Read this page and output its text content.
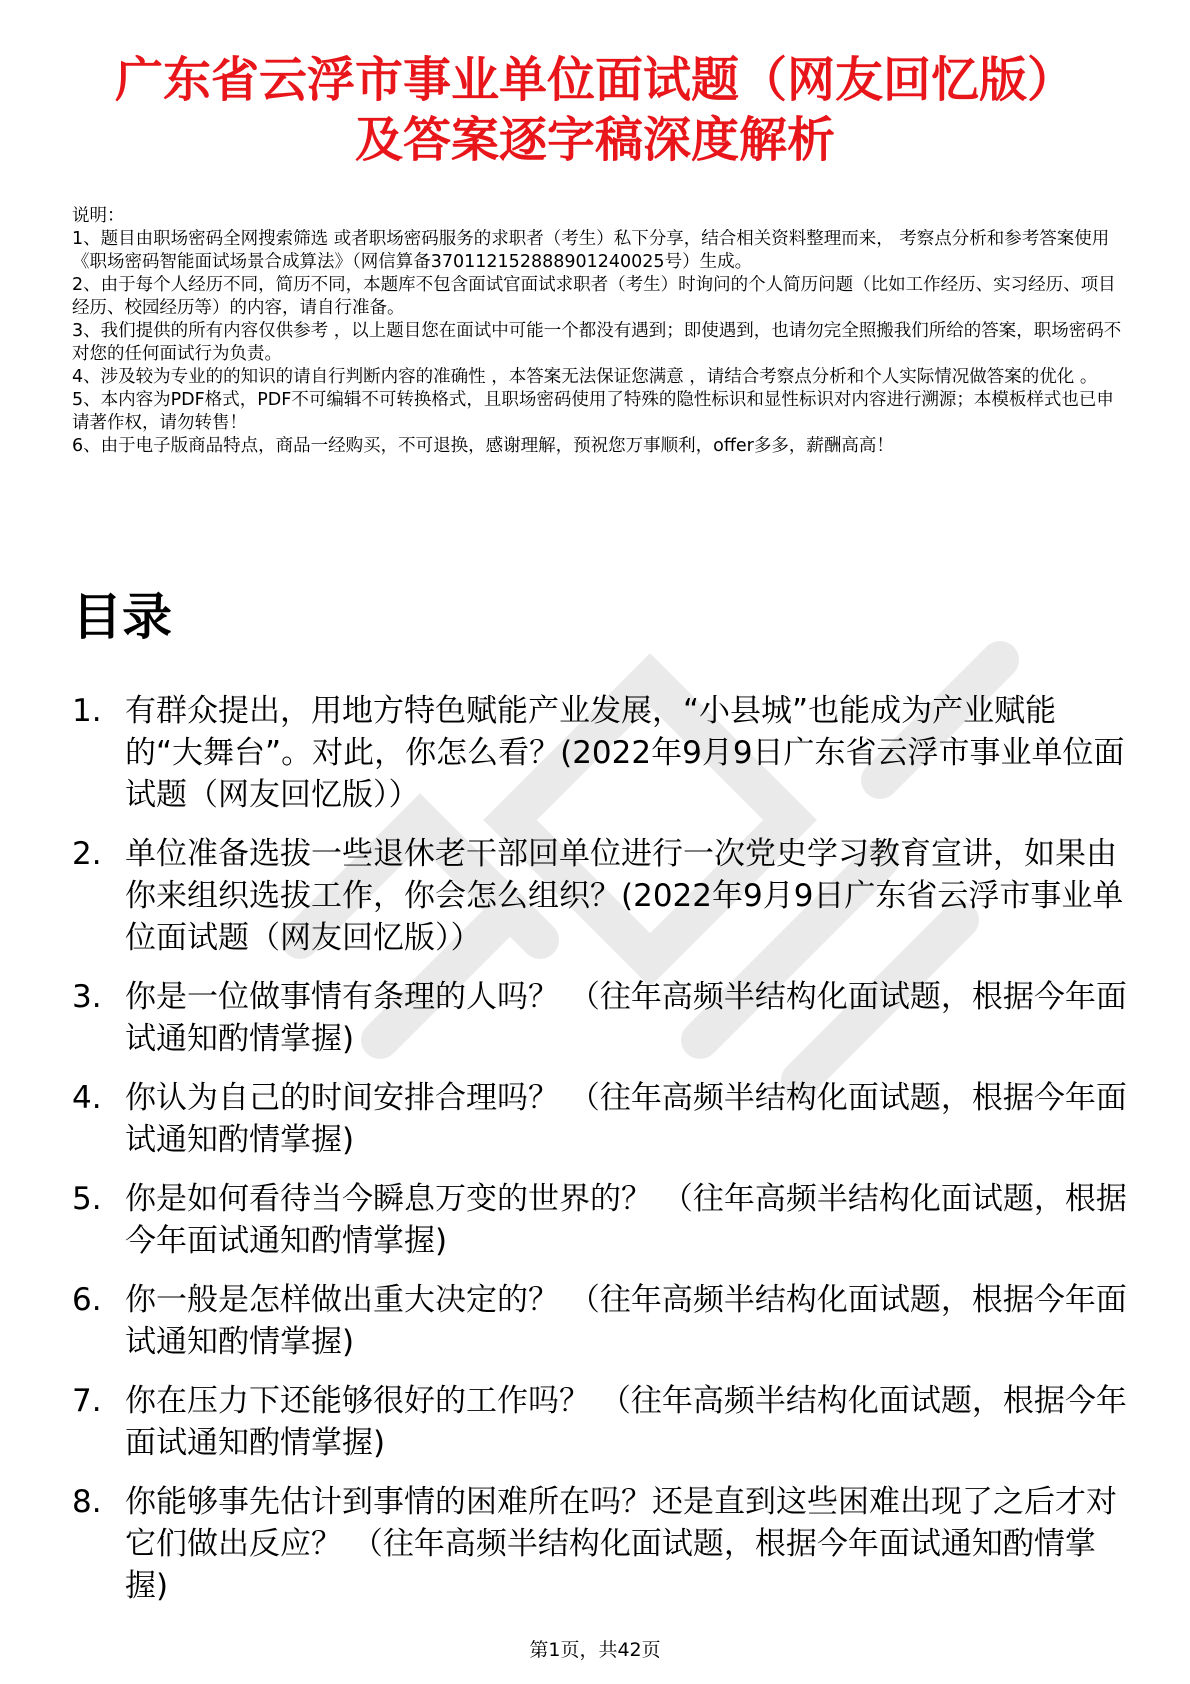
广东省云浮市事业单位面试题（网友回忆版）
及答案逐字稿深度解析

说明：

1、题目由职场密码全网搜索筛选 或者职场密码服务的求职者（考生）私下分享，结合相关资料整理而来， 考察点分析和参考答案使用《职场密码智能面试场景合成算法》（网信算备370112152888901240025号）生成。

2、由于每个人经历不同，简历不同，本题库不包含面试官面试求职者（考生）时询问的个人简历问题（比如工作经历、实习经历、项目经历、校园经历等）的内容，请自行准备。

3、我们提供的所有内容仅供参考 ，以上题目您在面试中可能一个都没有遇到；即使遇到，也请勿完全照搬我们所给的答案，职场密码不对您的任何面试行为负责。

4、涉及较为专业的的知识的请自行判断内容的准确性 ，本答案无法保证您满意 ，请结合考察点分析和个人实际情况做答案的优化 。

5、本内容为PDF格式，PDF不可编辑不可转换格式，且职场密码使用了特殊的隐性标识和显性标识对内容进行溯源；本模板样式也已申请著作权，请勿转售！

6、由于电子版商品特点，商品一经购买，不可退换，感谢理解，预祝您万事顺利，offer多多，薪酬高高！

目录
1. 有群众提出，用地方特色赋能产业发展，“小县城”也能成为产业赋能的“大舞台”。对此，你怎么看？(2022年9月9日广东省云浮市事业单位面试题（网友回忆版））
2. 单位准备选拔一些退休老干部回单位进行一次党史学习教育宣讲，如果由你来组织选拔工作，你会怎么组织？(2022年9月9日广东省云浮市事业单位面试题（网友回忆版））
3. 你是一位做事情有条理的人吗？ （往年高频半结构化面试题，根据今年面试通知酌情掌握)
4. 你认为自己的时间安排合理吗？ （往年高频半结构化面试题，根据今年面试通知酌情掌握)
5. 你是如何看待当今瞬息万变的世界的？ （往年高频半结构化面试题，根据今年面试通知酌情掌握)
6. 你一般是怎样做出重大决定的？ （往年高频半结构化面试题，根据今年面试通知酌情掌握)
7. 你在压力下还能够很好的工作吗？ （往年高频半结构化面试题，根据今年面试通知酌情掌握)
8. 你能够事先估计到事情的困难所在吗？还是直到这些困难出现了之后才对它们做出反应？ （往年高频半结构化面试题，根据今年面试通知酌情掌握)
第1页，共42页
